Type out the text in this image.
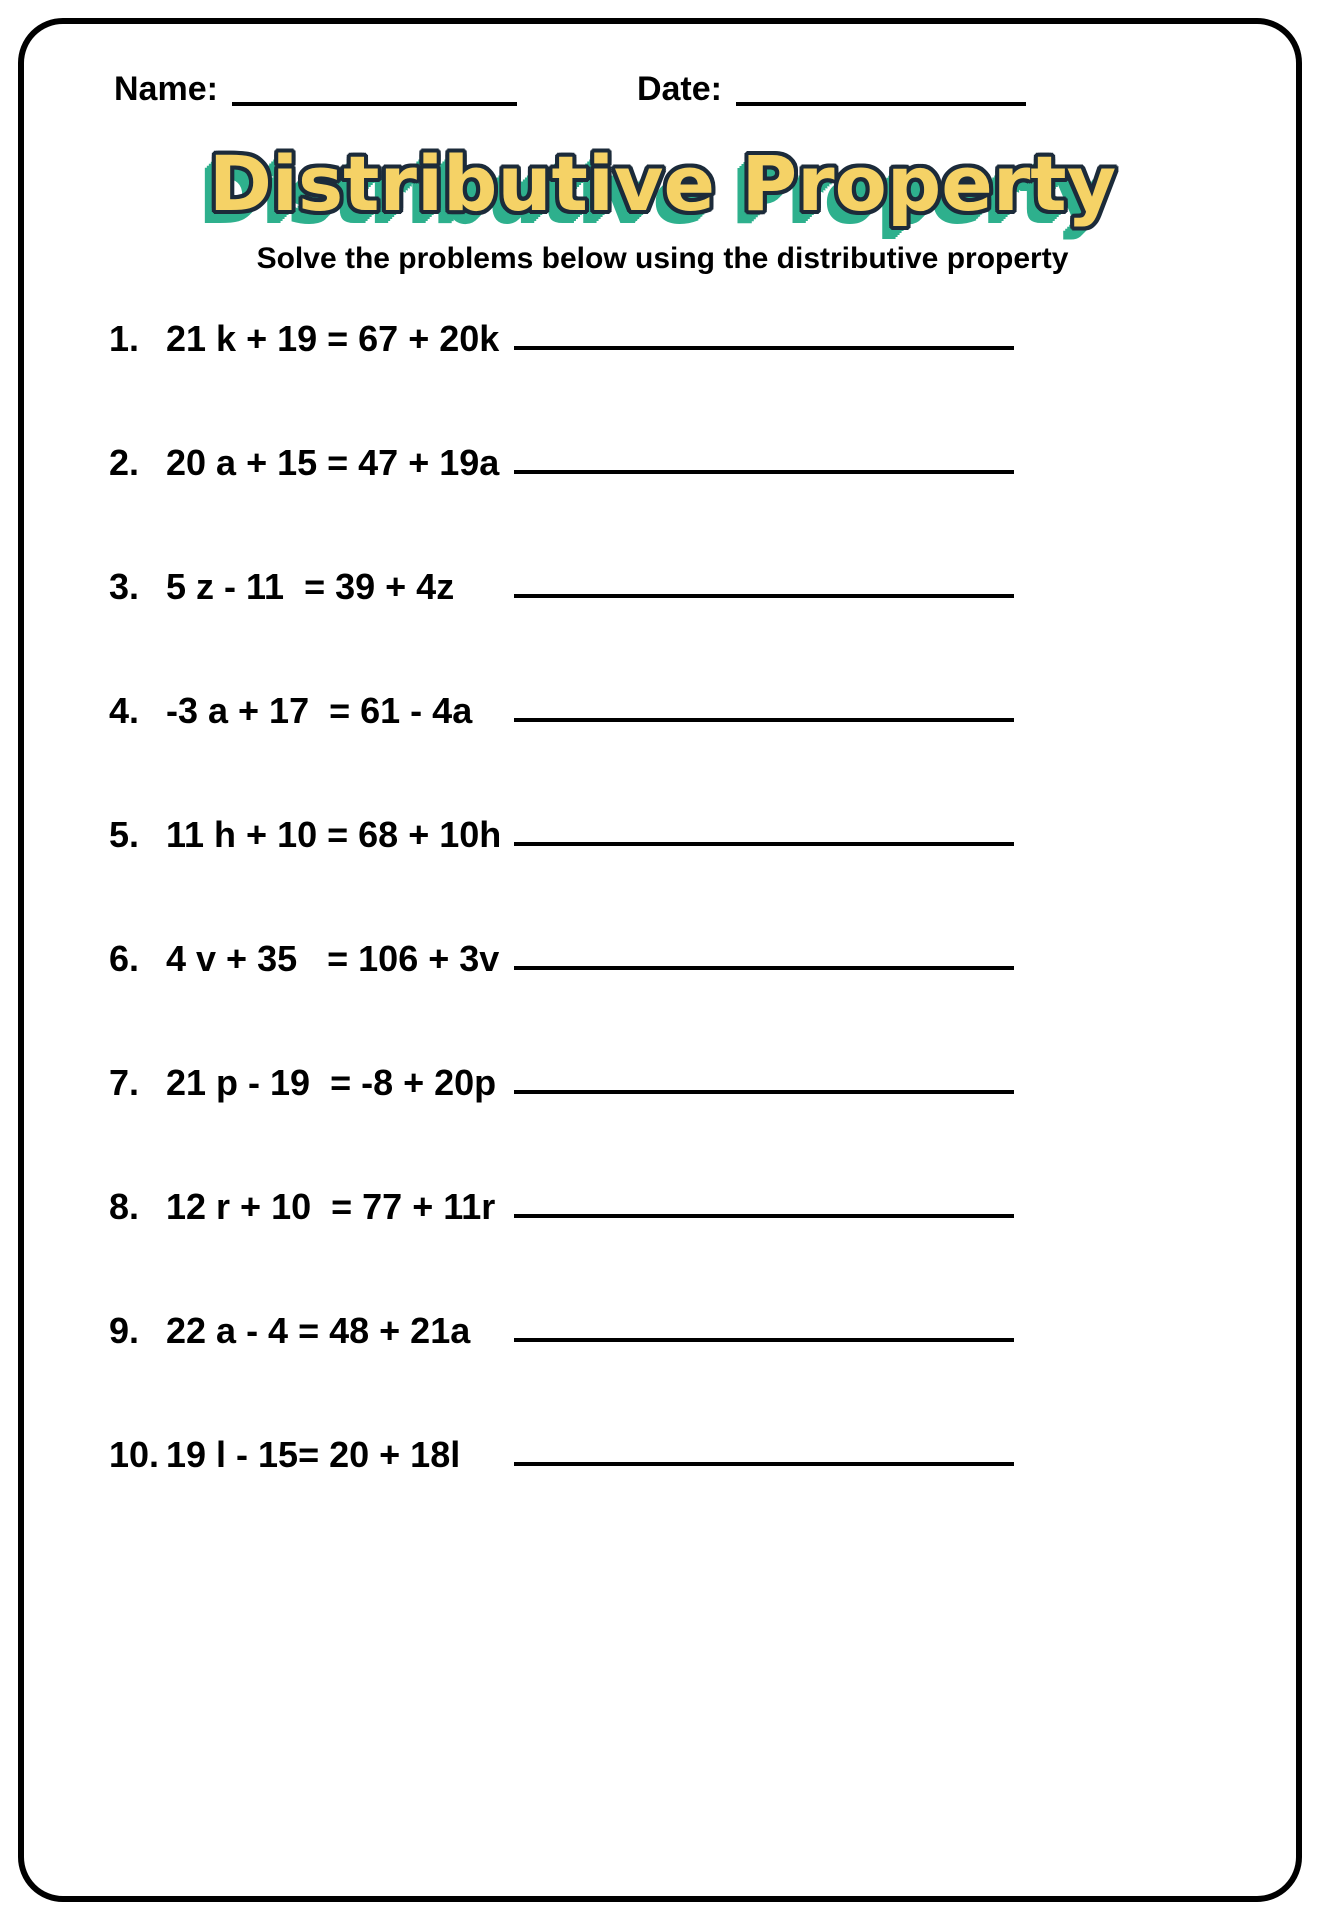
Name:	Date:
Distributive Property

Solve the problems below using the distributive property

1. 21 k + 19 = 67 + 20k
2. 20 a + 15 = 47 + 19a
3. 5 z - 11  = 39 + 4z
4. -3 a + 17  = 61 - 4a
5. 11 h + 10 = 68 + 10h
6. 4 v + 35   = 106 + 3v
7. 21 p - 19  = -8 + 20p
8. 12 r + 10  = 77 + 11r
9. 22 a - 4 = 48 + 21a
10. 19 l - 15= 20 + 18l
